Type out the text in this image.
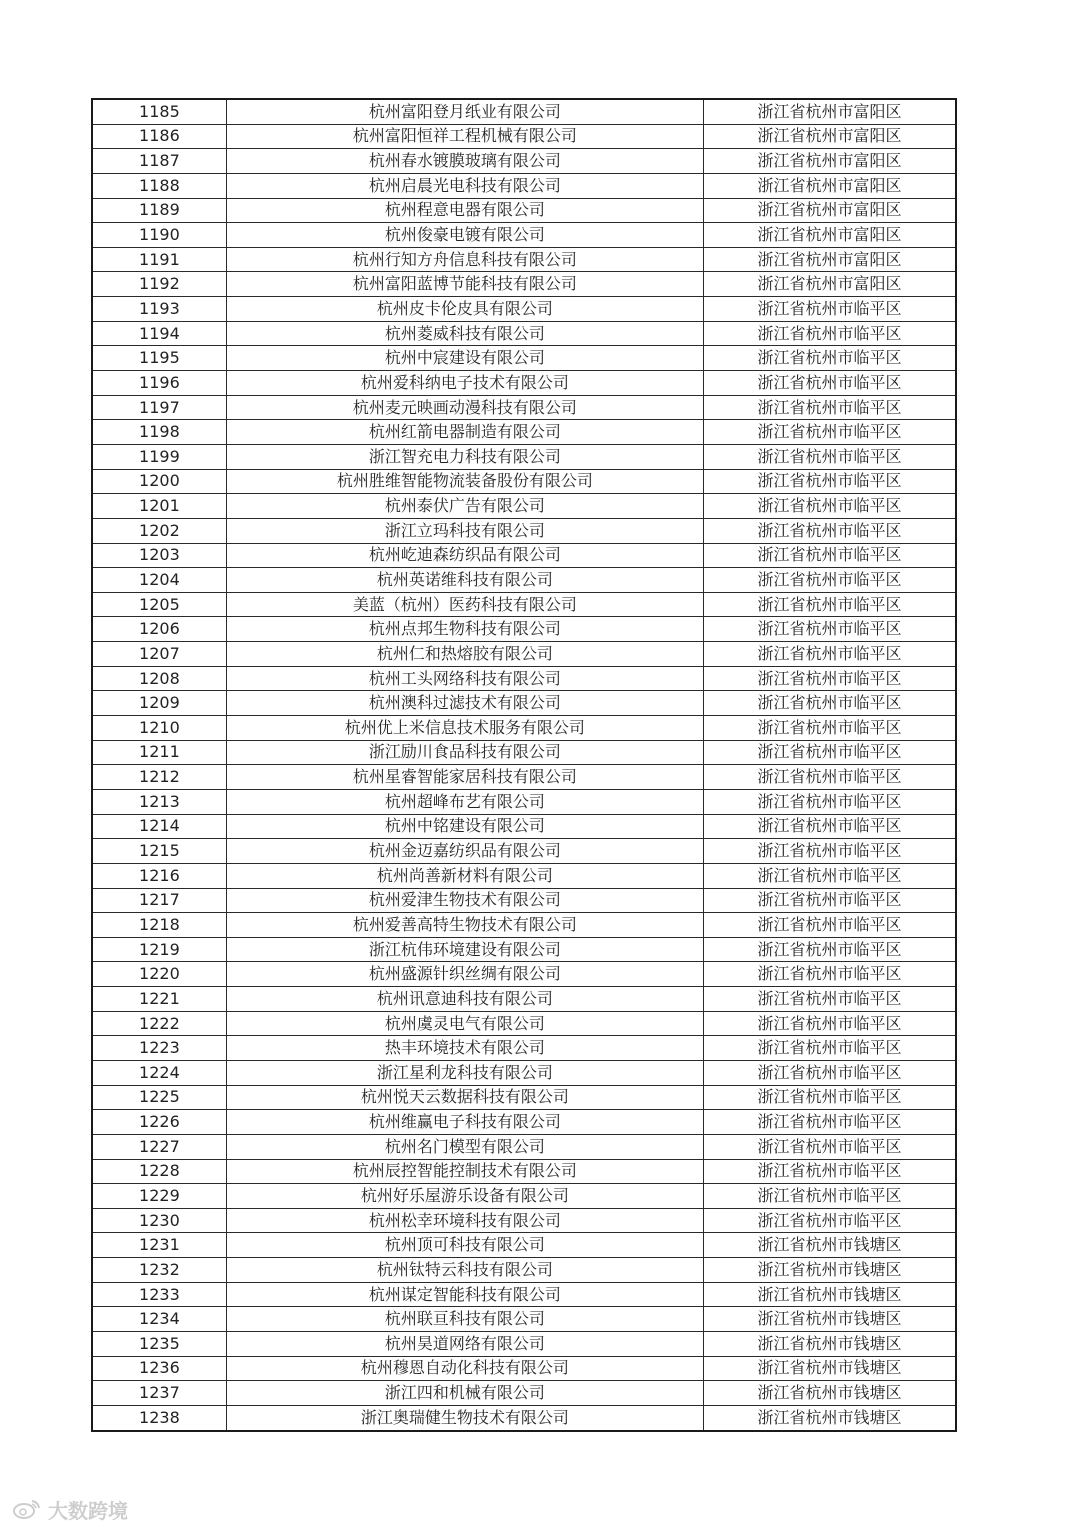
1185	杭州富阳登月纸业有限公司	浙江省杭州市富阳区
1186	杭州富阳恒祥工程机械有限公司	浙江省杭州市富阳区
1187	杭州春水镀膜玻璃有限公司	浙江省杭州市富阳区
1188	杭州启晨光电科技有限公司	浙江省杭州市富阳区
1189	杭州程意电器有限公司	浙江省杭州市富阳区
1190	杭州俊豪电镀有限公司	浙江省杭州市富阳区
1191	杭州行知方舟信息科技有限公司	浙江省杭州市富阳区
1192	杭州富阳蓝博节能科技有限公司	浙江省杭州市富阳区
1193	杭州皮卡伦皮具有限公司	浙江省杭州市临平区
1194	杭州菱威科技有限公司	浙江省杭州市临平区
1195	杭州中宸建设有限公司	浙江省杭州市临平区
1196	杭州爱科纳电子技术有限公司	浙江省杭州市临平区
1197	杭州麦元映画动漫科技有限公司	浙江省杭州市临平区
1198	杭州红箭电器制造有限公司	浙江省杭州市临平区
1199	浙江智充电力科技有限公司	浙江省杭州市临平区
1200	杭州胜维智能物流装备股份有限公司	浙江省杭州市临平区
1201	杭州泰伏广告有限公司	浙江省杭州市临平区
1202	浙江立玛科技有限公司	浙江省杭州市临平区
1203	杭州屹迪森纺织品有限公司	浙江省杭州市临平区
1204	杭州英诺维科技有限公司	浙江省杭州市临平区
1205	美蓝（杭州）医药科技有限公司	浙江省杭州市临平区
1206	杭州点邦生物科技有限公司	浙江省杭州市临平区
1207	杭州仁和热熔胶有限公司	浙江省杭州市临平区
1208	杭州工头网络科技有限公司	浙江省杭州市临平区
1209	杭州澳科过滤技术有限公司	浙江省杭州市临平区
1210	杭州优上米信息技术服务有限公司	浙江省杭州市临平区
1211	浙江励川食品科技有限公司	浙江省杭州市临平区
1212	杭州星睿智能家居科技有限公司	浙江省杭州市临平区
1213	杭州超峰布艺有限公司	浙江省杭州市临平区
1214	杭州中铭建设有限公司	浙江省杭州市临平区
1215	杭州金迈嘉纺织品有限公司	浙江省杭州市临平区
1216	杭州尚善新材料有限公司	浙江省杭州市临平区
1217	杭州爱津生物技术有限公司	浙江省杭州市临平区
1218	杭州爱善高特生物技术有限公司	浙江省杭州市临平区
1219	浙江杭伟环境建设有限公司	浙江省杭州市临平区
1220	杭州盛源针织丝绸有限公司	浙江省杭州市临平区
1221	杭州讯意迪科技有限公司	浙江省杭州市临平区
1222	杭州虞灵电气有限公司	浙江省杭州市临平区
1223	热丰环境技术有限公司	浙江省杭州市临平区
1224	浙江星利龙科技有限公司	浙江省杭州市临平区
1225	杭州悦天云数据科技有限公司	浙江省杭州市临平区
1226	杭州维赢电子科技有限公司	浙江省杭州市临平区
1227	杭州名门模型有限公司	浙江省杭州市临平区
1228	杭州辰控智能控制技术有限公司	浙江省杭州市临平区
1229	杭州好乐屋游乐设备有限公司	浙江省杭州市临平区
1230	杭州松幸环境科技有限公司	浙江省杭州市临平区
1231	杭州顶可科技有限公司	浙江省杭州市钱塘区
1232	杭州钛特云科技有限公司	浙江省杭州市钱塘区
1233	杭州谋定智能科技有限公司	浙江省杭州市钱塘区
1234	杭州联亘科技有限公司	浙江省杭州市钱塘区
1235	杭州昊道网络有限公司	浙江省杭州市钱塘区
1236	杭州穆恩自动化科技有限公司	浙江省杭州市钱塘区
1237	浙江四和机械有限公司	浙江省杭州市钱塘区
1238	浙江奥瑞健生物技术有限公司	浙江省杭州市钱塘区
大数跨境
